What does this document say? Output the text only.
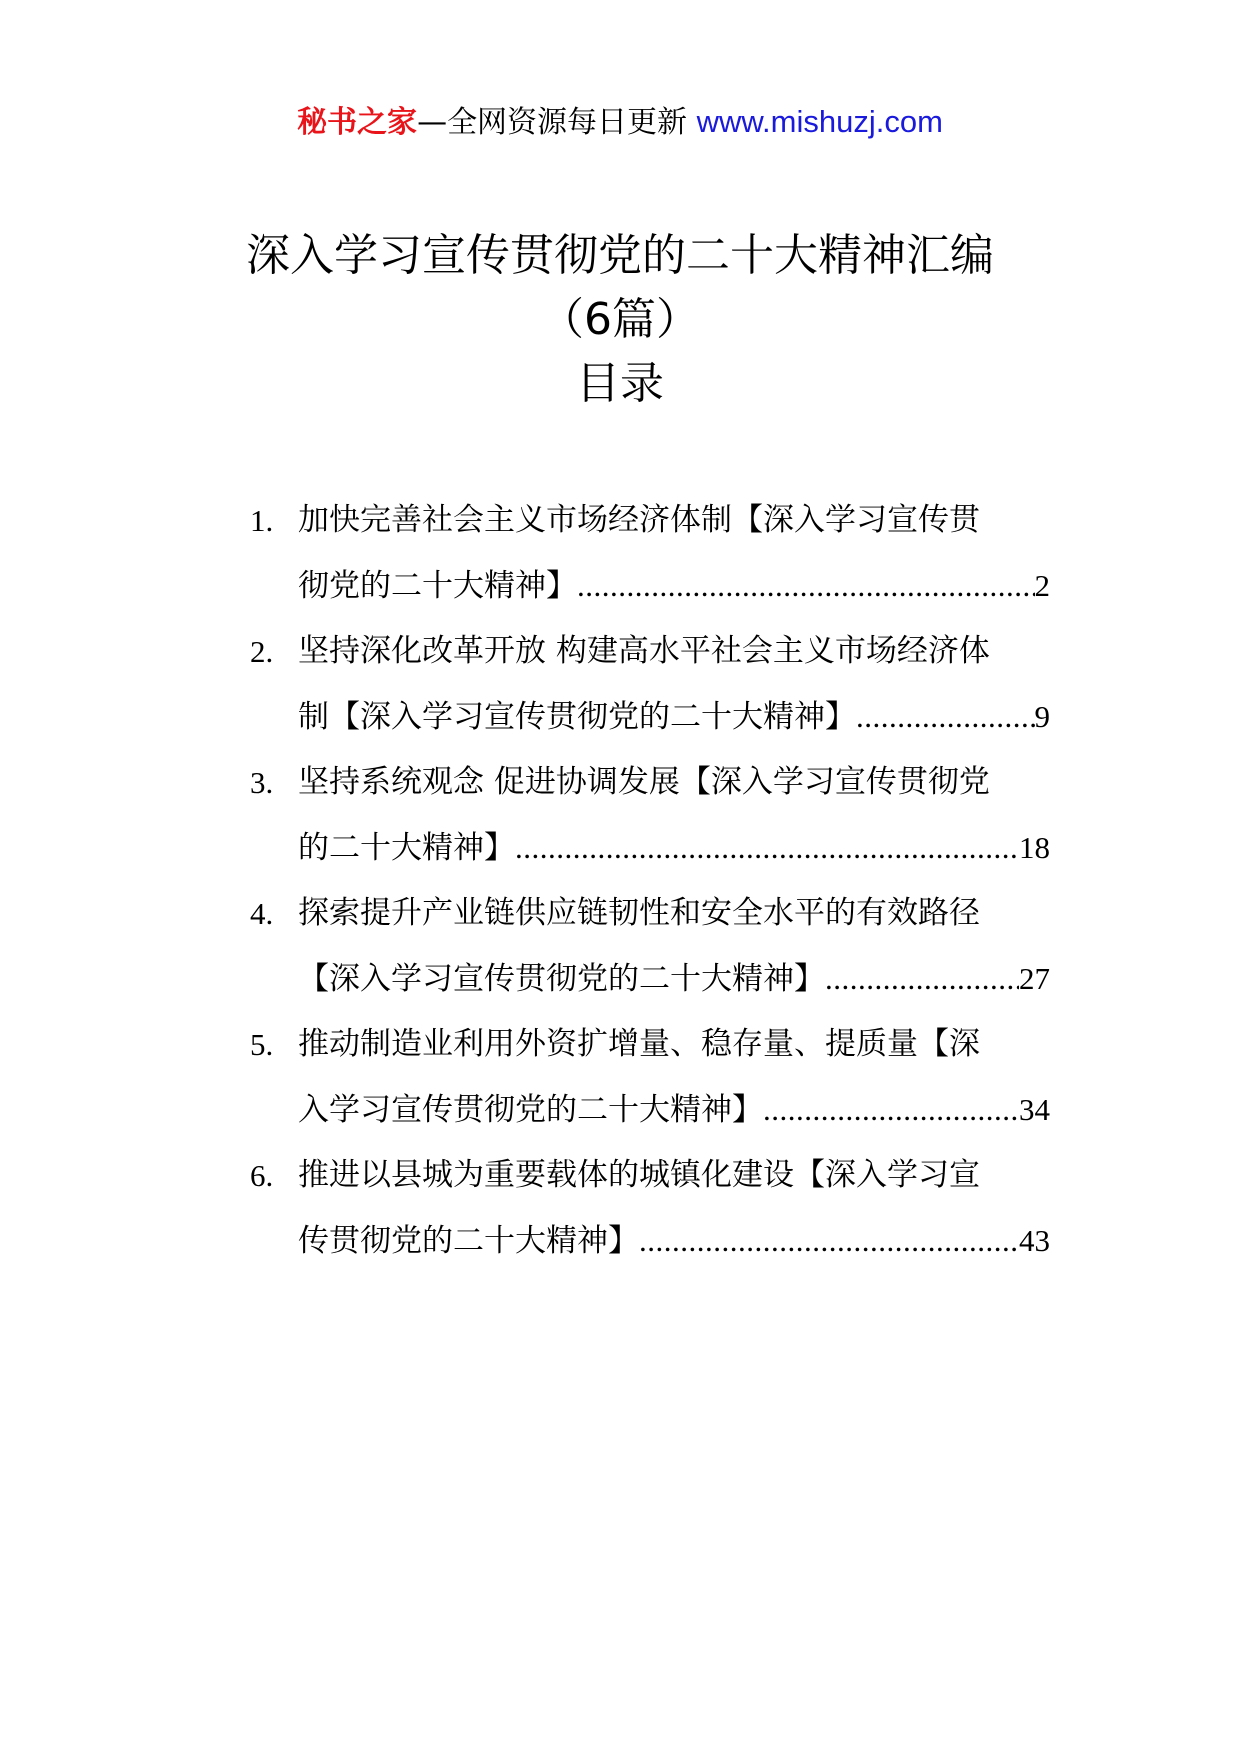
秘书之家—全网资源每日更新 www.mishuzj.com
深入学习宣传贯彻党的二十大精神汇编
（6篇）
目录
1. 加快完善社会主义市场经济体制【深入学习宣传贯
彻党的二十大精神】 .....	2
2. 坚持深化改革开放 构建高水平社会主义市场经济体
制【深入学习宣传贯彻党的二十大精神】 .....	9
3. 坚持系统观念 促进协调发展【深入学习宣传贯彻党
的二十大精神】 .....	18
4. 探索提升产业链供应链韧性和安全水平的有效路径
【深入学习宣传贯彻党的二十大精神】 .....	27
5. 推动制造业利用外资扩增量、稳存量、提质量【深
入学习宣传贯彻党的二十大精神】 .....	34
6. 推进以县城为重要载体的城镇化建设【深入学习宣
传贯彻党的二十大精神】 .....	43
